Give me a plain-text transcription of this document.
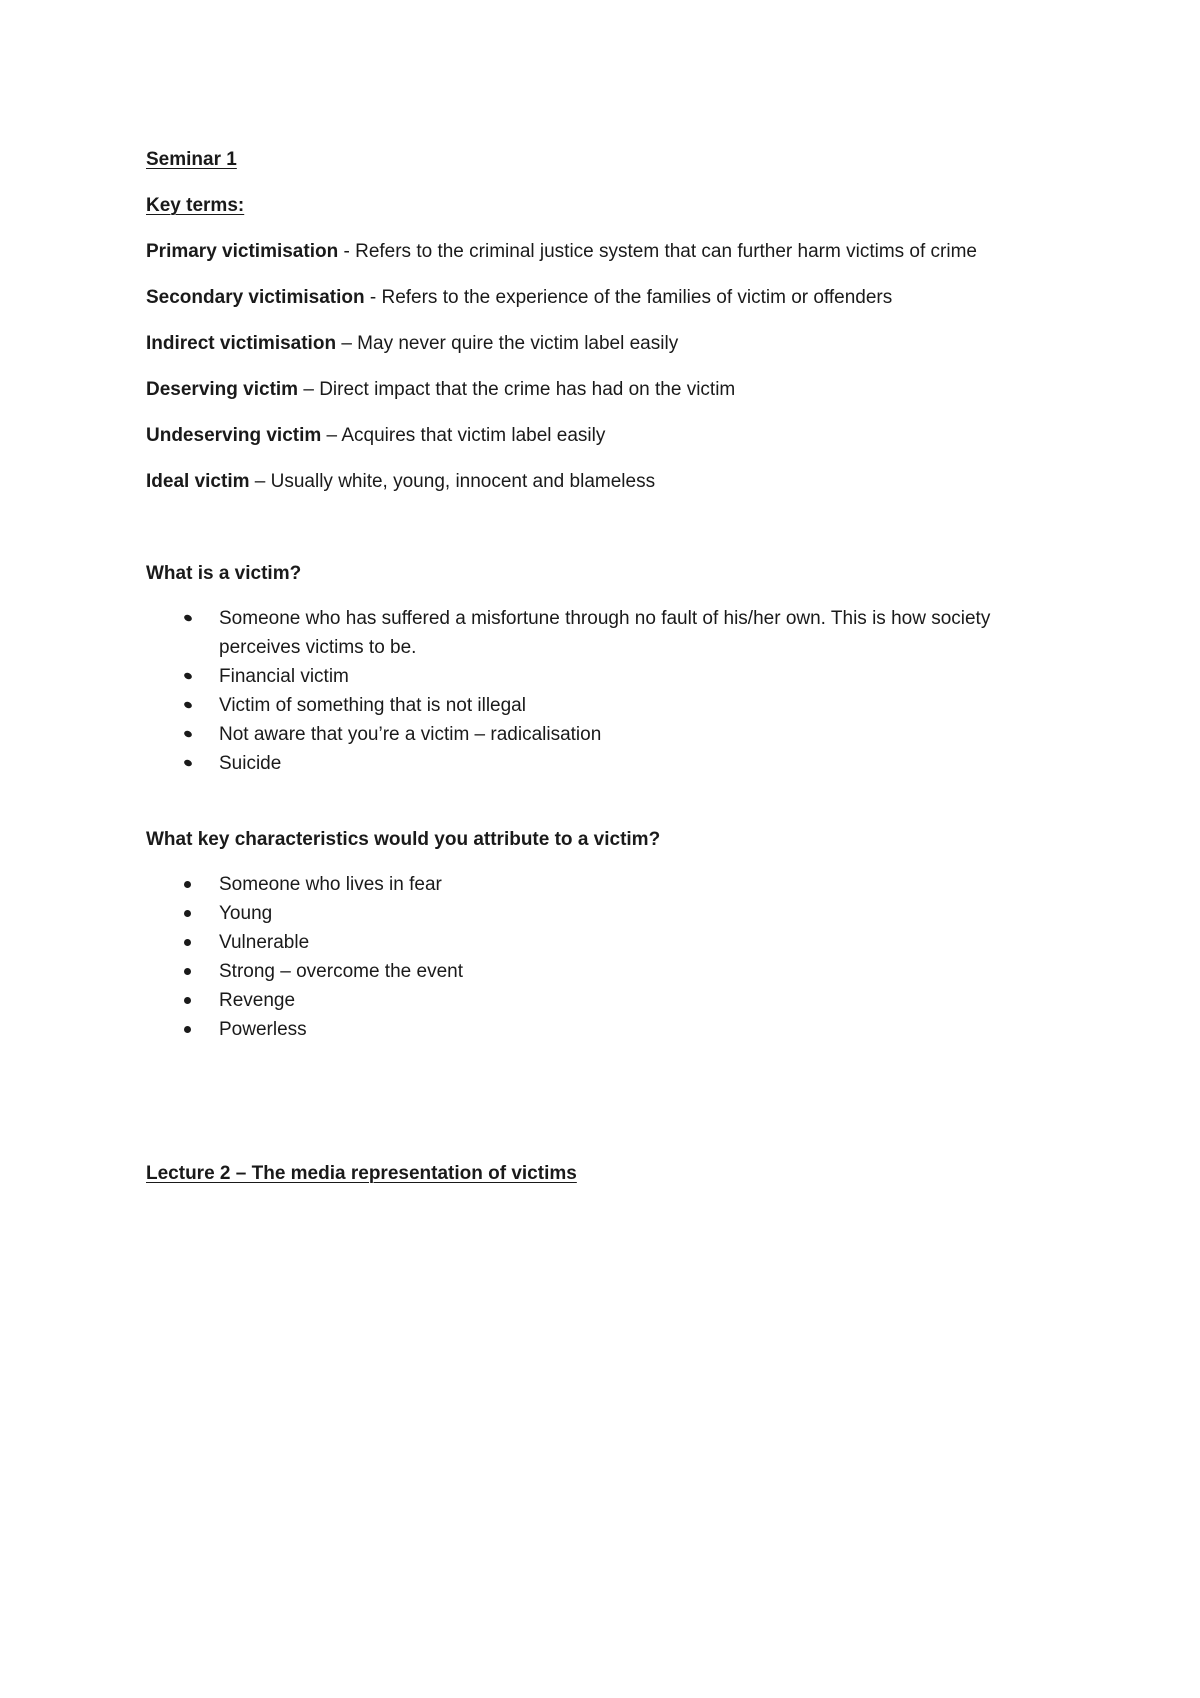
Seminar 1
Key terms:
Primary victimisation - Refers to the criminal justice system that can further harm victims of crime
Secondary victimisation - Refers to the experience of the families of victim or offenders
Indirect victimisation – May never quire the victim label easily
Deserving victim – Direct impact that the crime has had on the victim
Undeserving victim – Acquires that victim label easily
Ideal victim – Usually white, young, innocent and blameless
What is a victim?
Someone who has suffered a misfortune through no fault of his/her own. This is how society
perceives victims to be.
Financial victim
Victim of something that is not illegal
Not aware that you’re a victim – radicalisation
Suicide
What key characteristics would you attribute to a victim?
Someone who lives in fear
Young
Vulnerable
Strong – overcome the event
Revenge
Powerless
Lecture 2 – The media representation of victims
